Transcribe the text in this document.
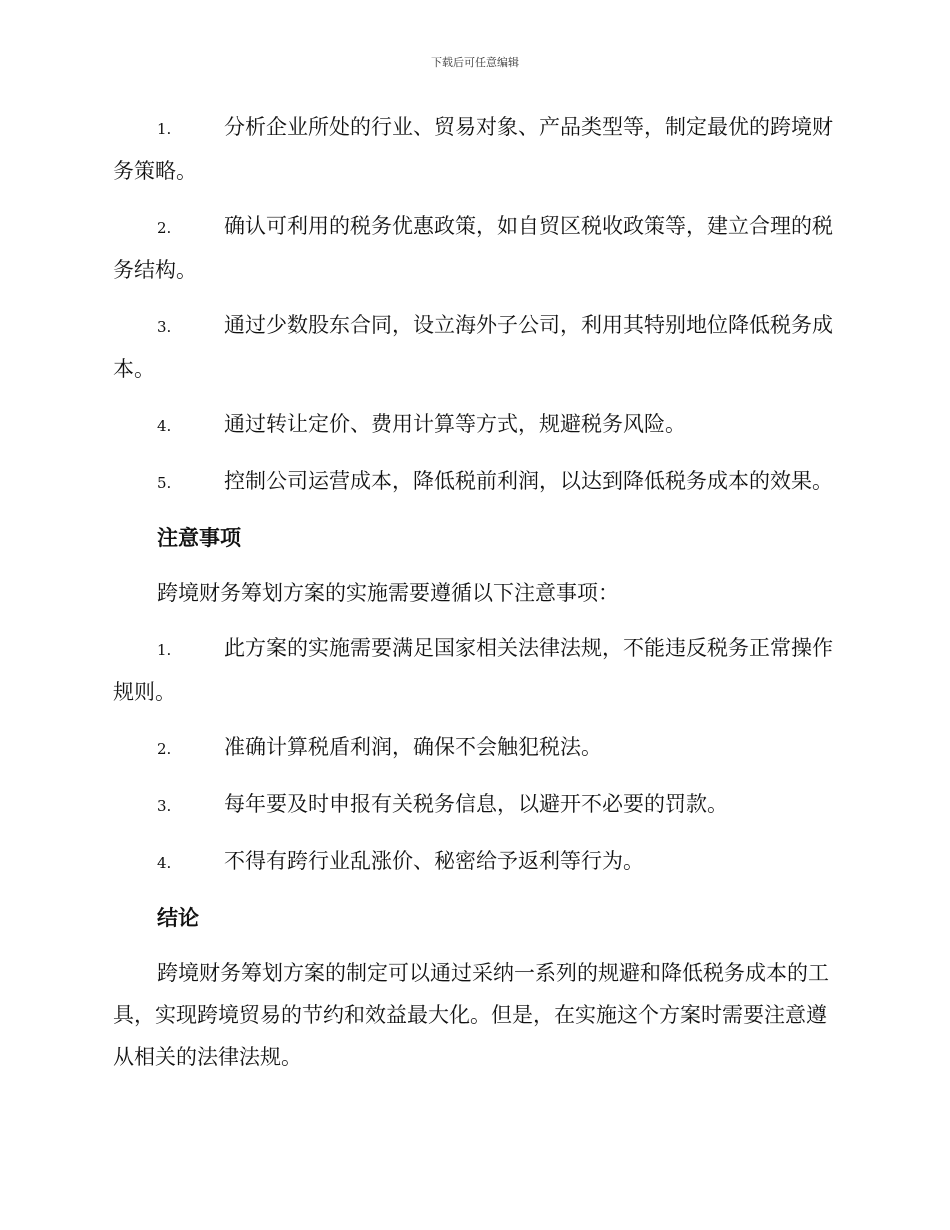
下载后可任意编辑
1.	分析企业所处的行业、贸易对象、产品类型等，制定最优的跨境财务策略。
2.	确认可利用的税务优惠政策，如自贸区税收政策等，建立合理的税务结构。
3.	通过少数股东合同，设立海外子公司，利用其特别地位降低税务成本。
4.	通过转让定价、费用计算等方式，规避税务风险。
5.	控制公司运营成本，降低税前利润，以达到降低税务成本的效果。
注意事项
跨境财务筹划方案的实施需要遵循以下注意事项：
1.	此方案的实施需要满足国家相关法律法规，不能违反税务正常操作规则。
2.	准确计算税盾利润，确保不会触犯税法。
3.	每年要及时申报有关税务信息，以避开不必要的罚款。
4.	不得有跨行业乱涨价、秘密给予返利等行为。
结论
跨境财务筹划方案的制定可以通过采纳一系列的规避和降低税务成本的工具，实现跨境贸易的节约和效益最大化。但是，在实施这个方案时需要注意遵从相关的法律法规。
